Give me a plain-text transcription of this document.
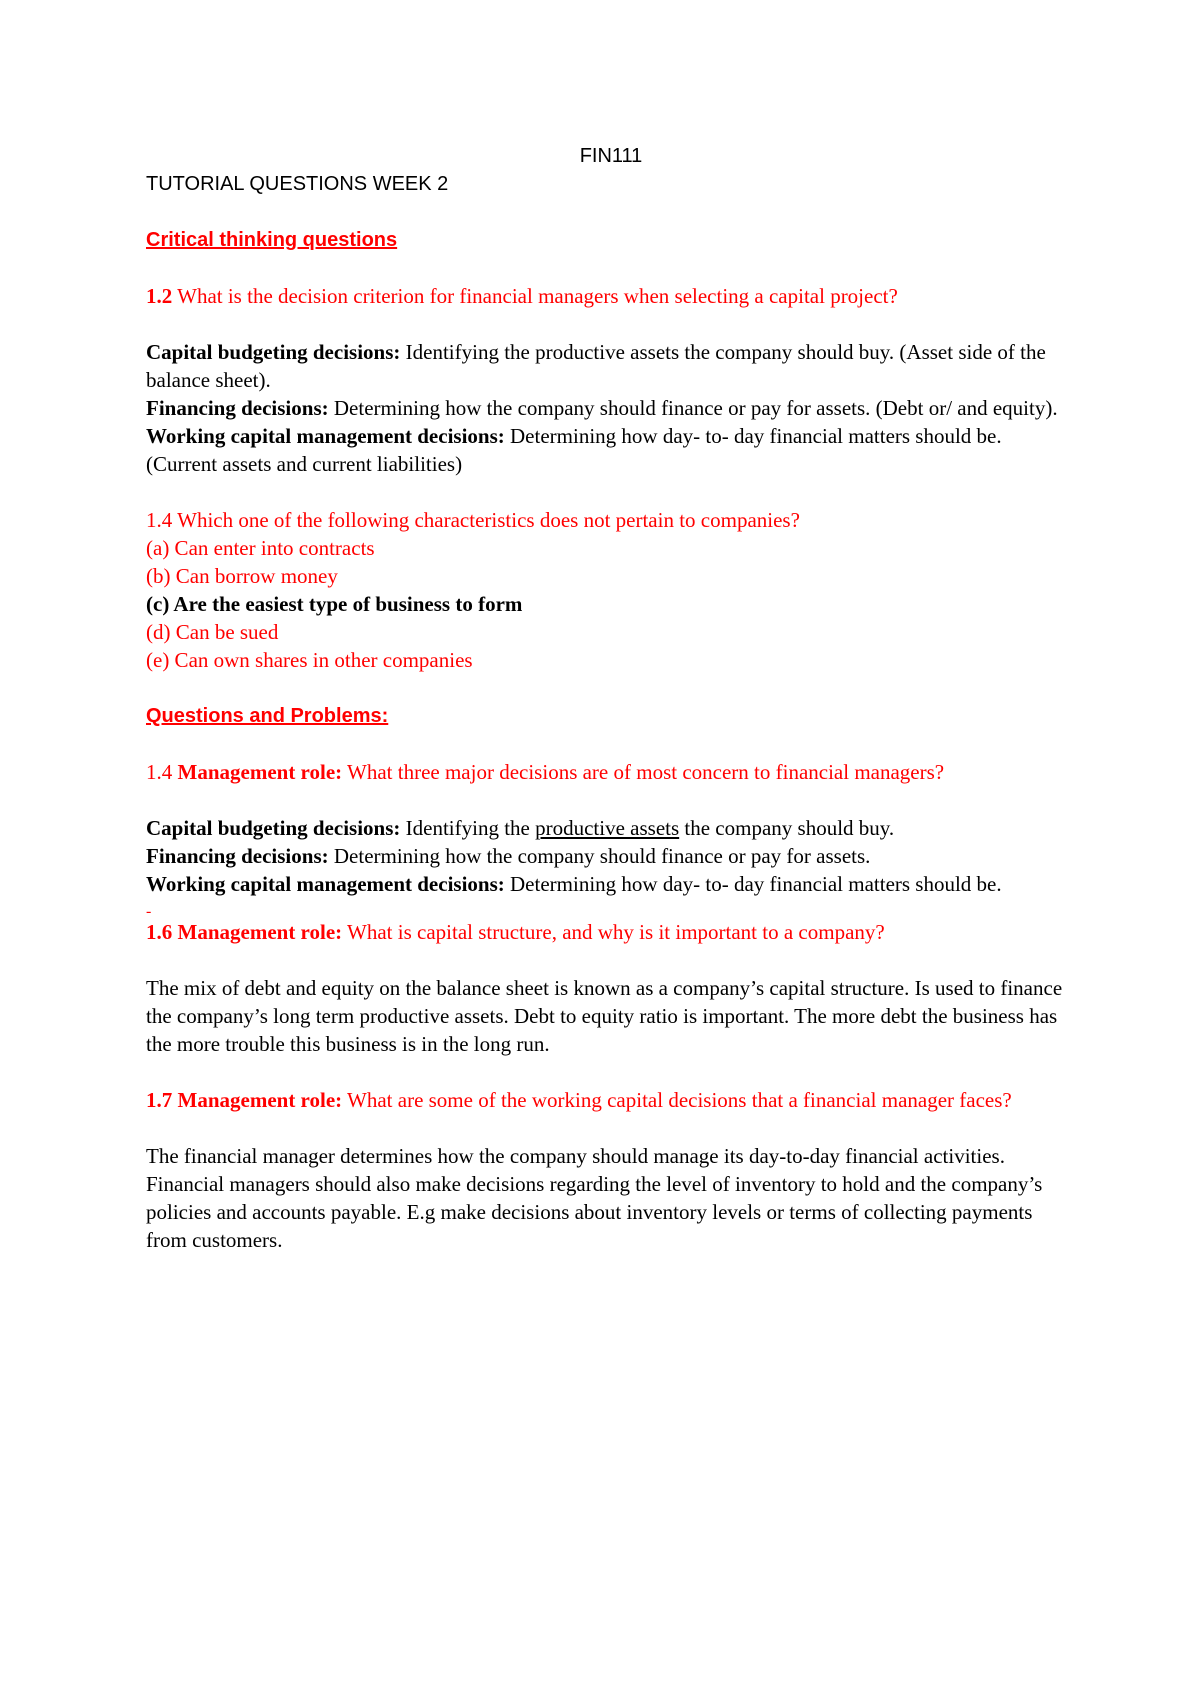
FIN111

TUTORIAL QUESTIONS WEEK 2

Critical thinking questions

1.2 What is the decision criterion for financial managers when selecting a capital project?

Capital budgeting decisions: Identifying the productive assets the company should buy. (Asset side of the balance sheet).

Financing decisions: Determining how the company should finance or pay for assets. (Debt or/ and equity).

Working capital management decisions: Determining how day- to- day financial matters should be. (Current assets and current liabilities)

1.4 Which one of the following characteristics does not pertain to companies?

(a) Can enter into contracts

(b) Can borrow money

(c) Are the easiest type of business to form

(d) Can be sued

(e) Can own shares in other companies

Questions and Problems:

1.4 Management role: What three major decisions are of most concern to financial managers?

Capital budgeting decisions: Identifying the productive assets the company should buy.

Financing decisions: Determining how the company should finance or pay for assets.

Working capital management decisions: Determining how day- to- day financial matters should be.

-

1.6 Management role: What is capital structure, and why is it important to a company?

The mix of debt and equity on the balance sheet is known as a company’s capital structure. Is used to finance the company’s long term productive assets. Debt to equity ratio is important. The more debt the business has the more trouble this business is in the long run.

1.7 Management role: What are some of the working capital decisions that a financial manager faces?

The financial manager determines how the company should manage its day-to-day financial activities. Financial managers should also make decisions regarding the level of inventory to hold and the company’s policies and accounts payable. E.g make decisions about inventory levels or terms of collecting payments from customers.
